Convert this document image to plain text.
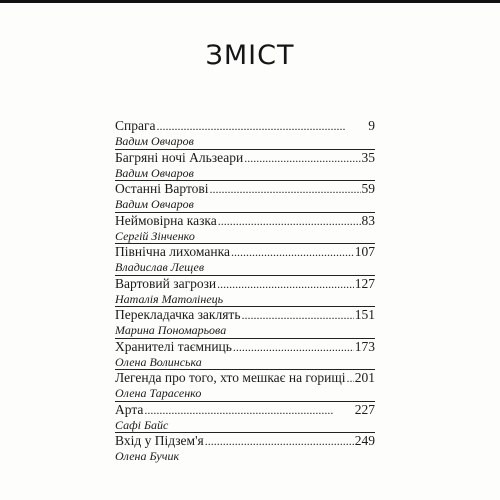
ЗМІСТ
Спрага . . .	9
Вадим Овчаров
Багряні ночі Альзеари . . .	35
Вадим Овчаров
Останні Вартові . . .	59
Вадим Овчаров
Неймовірна казка . . .	83
Сергій Зінченко
Північна лихоманка . . .	107
Владислав Лещев
Вартовий загрози . . .	127
Наталія Матолінець
Перекладачка заклять . . .	151
Марина Пономарьова
Хранителі таємниць . . .	173
Олена Волинська
Легенда про того, хто мешкає на горищі . . . 201
Олена Тарасенко
Арта . . .	227
Сафі Байс
Вхід у Підзем'я . . .	249
Олена Бучик
